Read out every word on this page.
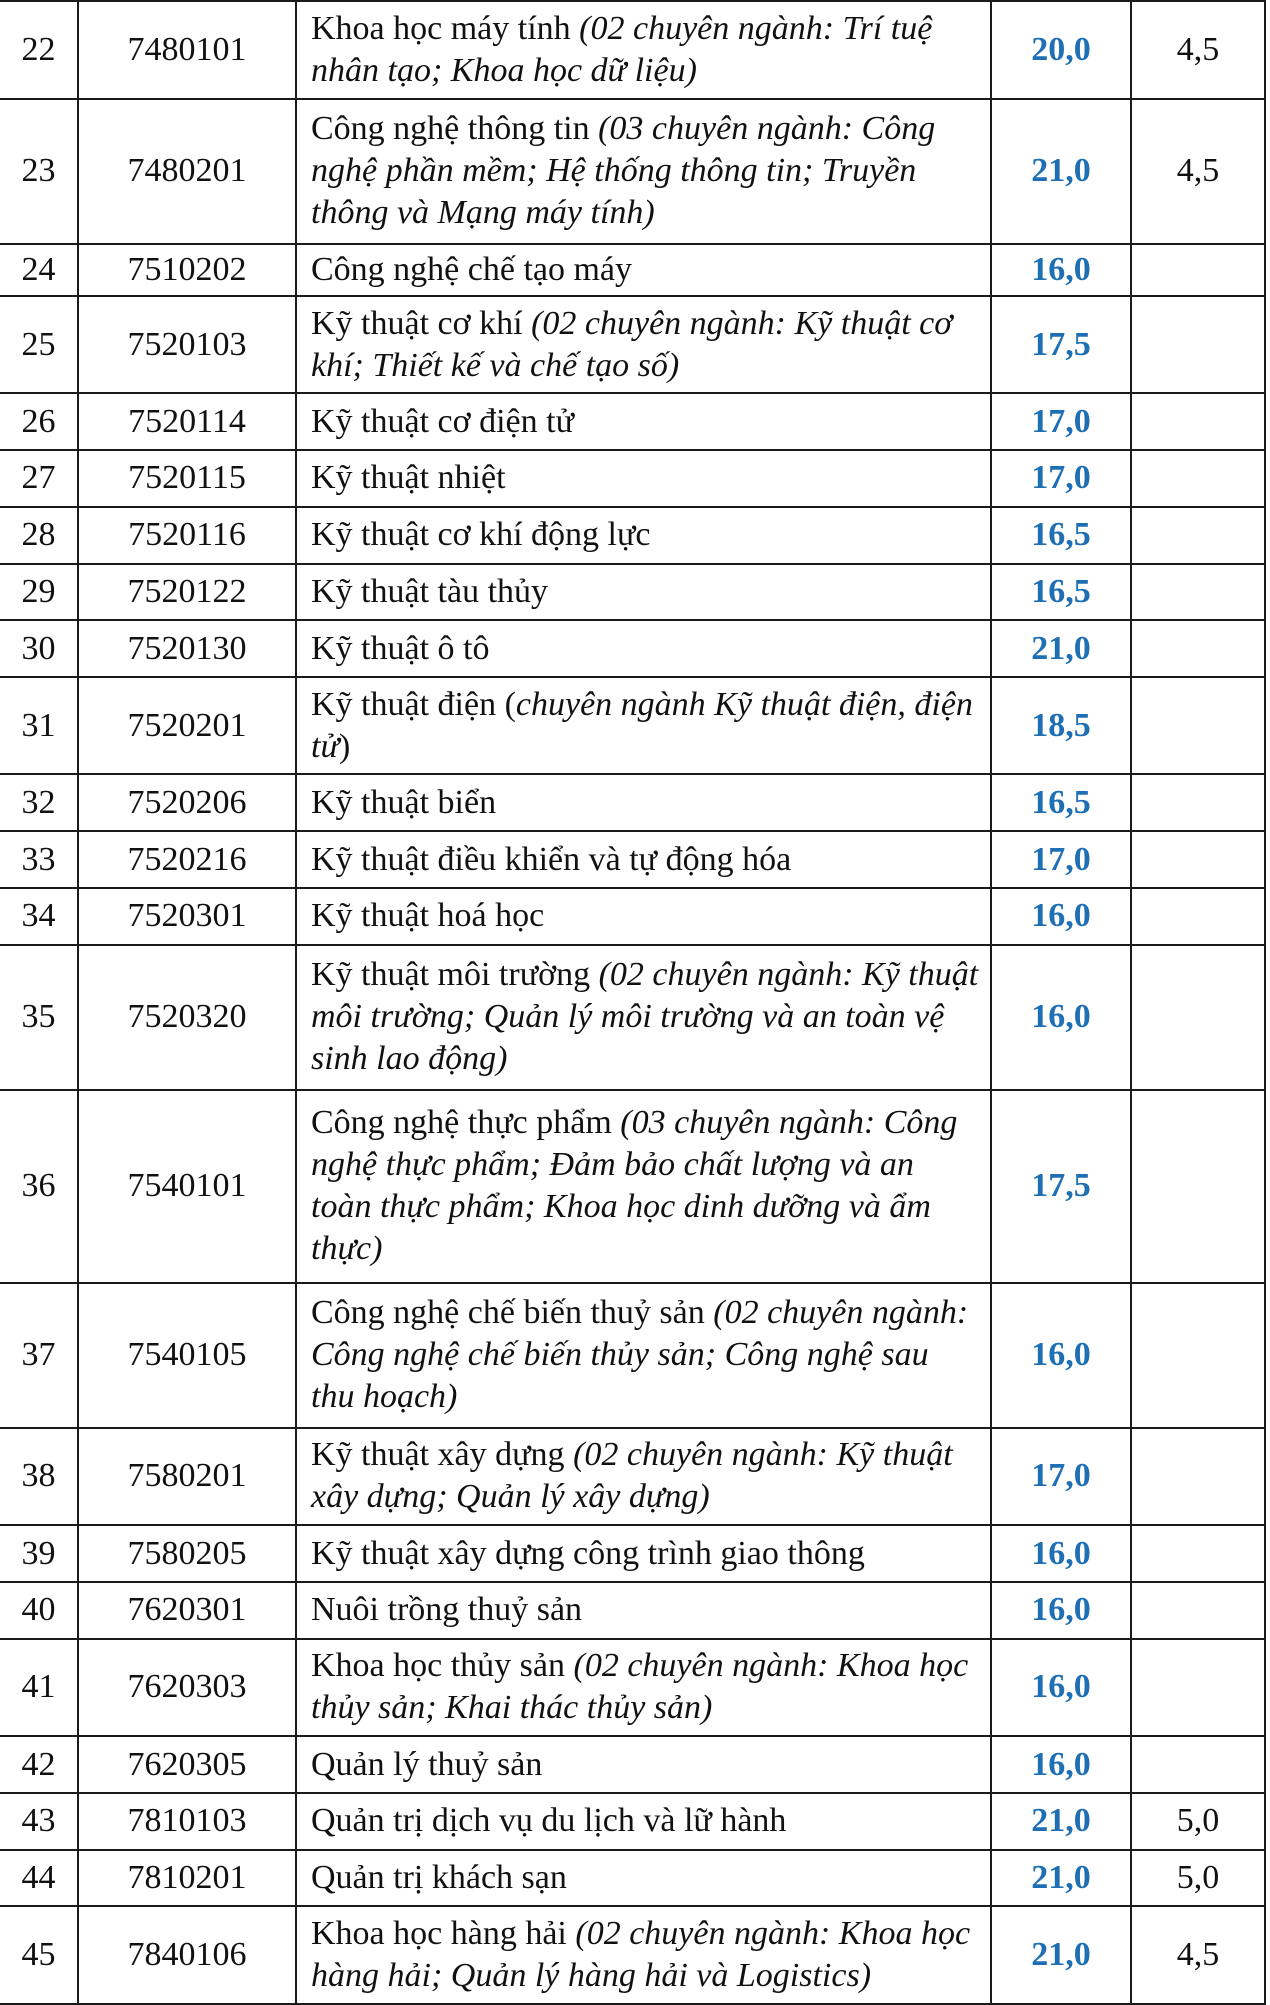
22	7480101	Khoa học máy tính (02 chuyên ngành: Trí tuệ nhân tạo; Khoa học dữ liệu)	20,0	4,5
23	7480201	Công nghệ thông tin (03 chuyên ngành: Công nghệ phần mềm; Hệ thống thông tin; Truyền thông và Mạng máy tính)	21,0	4,5
24	7510202	Công nghệ chế tạo máy	16,0	
25	7520103	Kỹ thuật cơ khí (02 chuyên ngành: Kỹ thuật cơ khí; Thiết kế và chế tạo số)	17,5	
26	7520114	Kỹ thuật cơ điện tử	17,0	
27	7520115	Kỹ thuật nhiệt	17,0	
28	7520116	Kỹ thuật cơ khí động lực	16,5	
29	7520122	Kỹ thuật tàu thủy	16,5	
30	7520130	Kỹ thuật ô tô	21,0	
31	7520201	Kỹ thuật điện (chuyên ngành Kỹ thuật điện, điện tử)	18,5	
32	7520206	Kỹ thuật biển	16,5	
33	7520216	Kỹ thuật điều khiển và tự động hóa	17,0	
34	7520301	Kỹ thuật hoá học	16,0	
35	7520320	Kỹ thuật môi trường (02 chuyên ngành: Kỹ thuật môi trường; Quản lý môi trường và an toàn vệ sinh lao động)	16,0	
36	7540101	Công nghệ thực phẩm (03 chuyên ngành: Công nghệ thực phẩm; Đảm bảo chất lượng và an toàn thực phẩm; Khoa học dinh dưỡng và ẩm thực)	17,5	
37	7540105	Công nghệ chế biến thuỷ sản (02 chuyên ngành: Công nghệ chế biến thủy sản; Công nghệ sau thu hoạch)	16,0	
38	7580201	Kỹ thuật xây dựng (02 chuyên ngành: Kỹ thuật xây dựng; Quản lý xây dựng)	17,0	
39	7580205	Kỹ thuật xây dựng công trình giao thông	16,0	
40	7620301	Nuôi trồng thuỷ sản	16,0	
41	7620303	Khoa học thủy sản (02 chuyên ngành: Khoa học thủy sản; Khai thác thủy sản)	16,0	
42	7620305	Quản lý thuỷ sản	16,0	
43	7810103	Quản trị dịch vụ du lịch và lữ hành	21,0	5,0
44	7810201	Quản trị khách sạn	21,0	5,0
45	7840106	Khoa học hàng hải (02 chuyên ngành: Khoa học hàng hải; Quản lý hàng hải và Logistics)	21,0	4,5
